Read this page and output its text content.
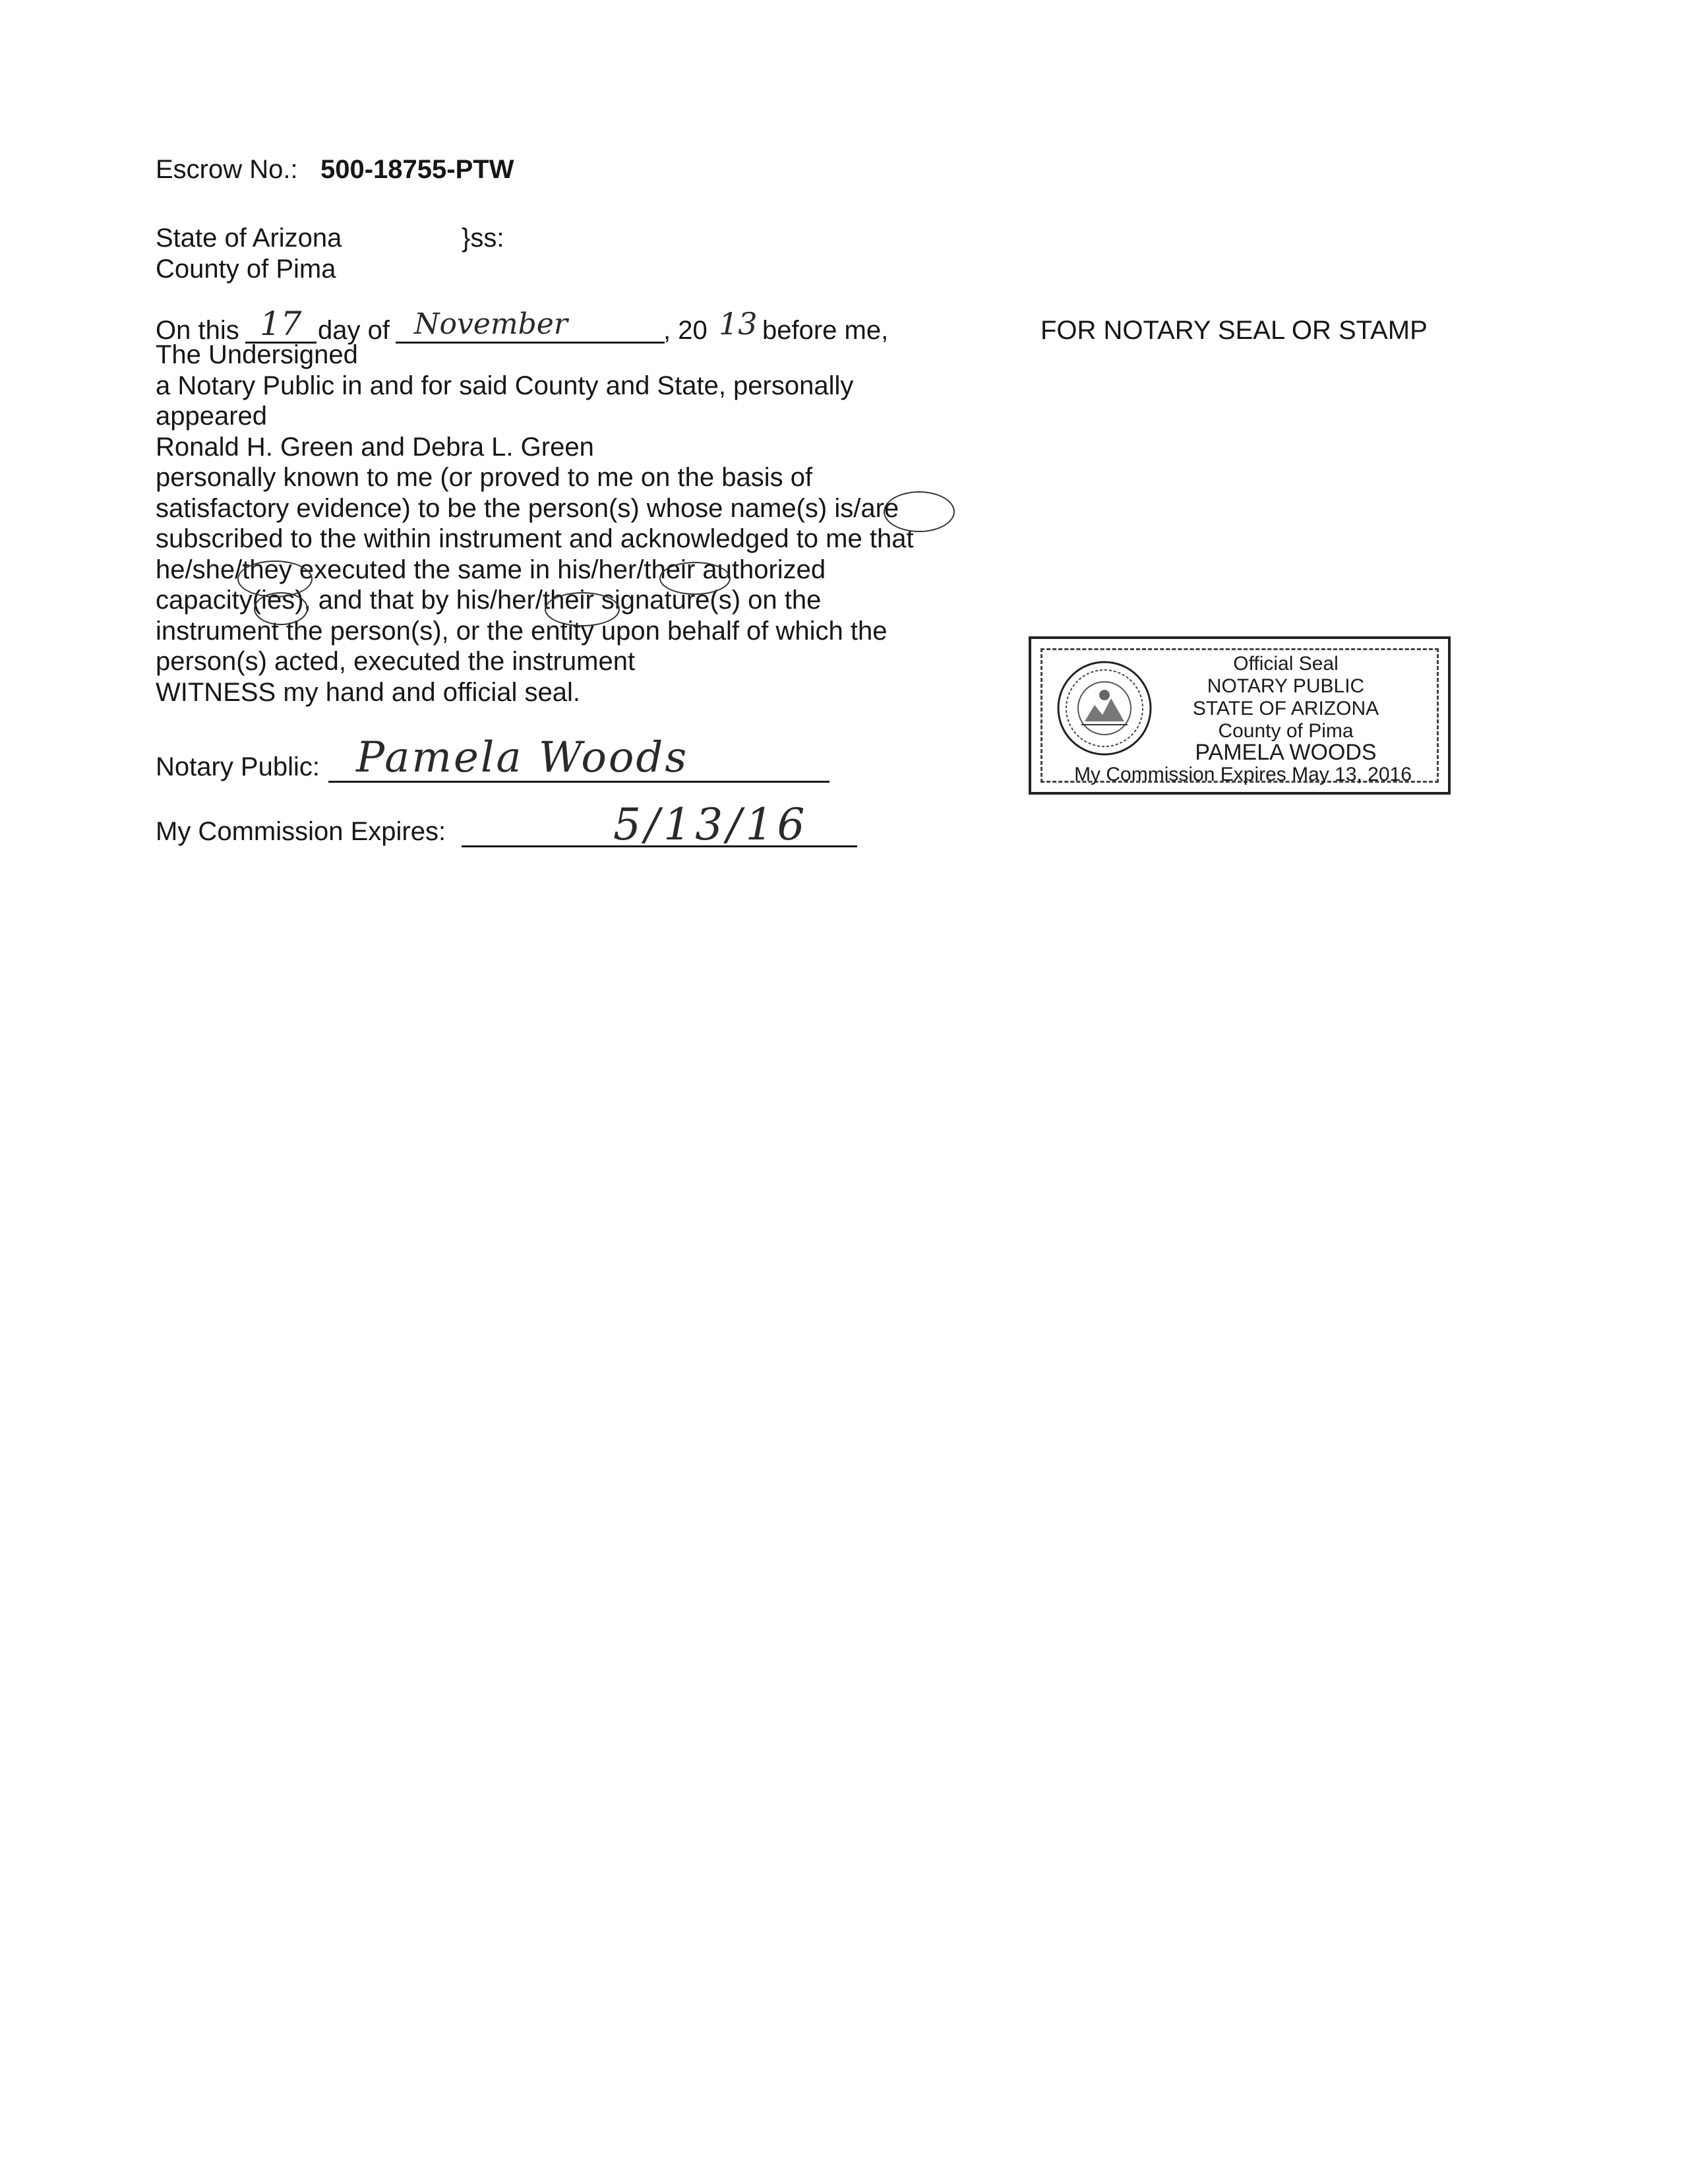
Escrow No.: 500-18755-PTW
State of Arizona	}ss:
County of Pima
On this 17 day of November	, 20 13 before me,
The Undersigned
a Notary Public in and for said County and State, personally
appeared
Ronald H. Green and Debra L. Green
personally known to me (or proved to me on the basis of
satisfactory evidence) to be the person(s) whose name(s) is/are
subscribed to the within instrument and acknowledged to me that
he/she/they executed the same in his/her/their authorized
capacity(ies), and that by his/her/their signature(s) on the
instrument the person(s), or the entity upon behalf of which the
person(s) acted, executed the instrument
WITNESS my hand and official seal.
Notary Public: Pamela Woods
My Commission Expires:	5/13/16
FOR NOTARY SEAL OR STAMP
Official Seal
NOTARY PUBLIC
STATE OF ARIZONA
County of Pima
PAMELA WOODS
My Commission Expires May 13, 2016
